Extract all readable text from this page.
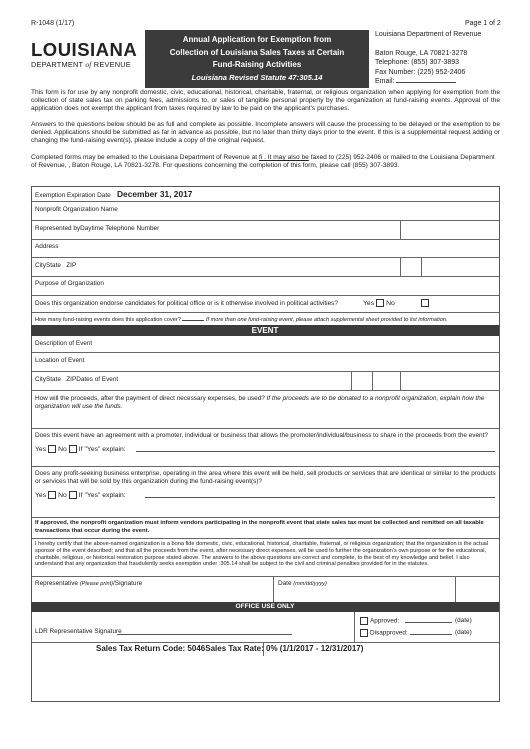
R-1048 (1/17)	Page 1 of 2
LOUISIANA
DEPARTMENT of REVENUE
Annual Application for Exemption from
Collection of Louisiana Sales Taxes at Certain
Fund-Raising Activities
Louisiana Revised Statute 47:305.14
Louisiana Department of Revenue
Baton Rouge, LA 70821-3278
Telephone: (855) 307-3893
Fax Number: (225) 952-2406
Email:
This form is for use by any nonprofit domestic, civic, educational, historical, charitable, fraternal, or religious organization when applying for exemption from the collection of state sales tax on parking fees, admissions to, or sales of tangible personal property by the organization at fund-raising events. Approval of the application does not exempt the applicant from taxes required by law to be paid on the applicant's purchases.
Answers to the questions below should be as full and complete as possible. Incomplete answers will cause the processing to be delayed or the exemption to be denied. Applications should be submitted as far in advance as possible, but no later than thirty days prior to the event. If this is a supplemental request adding or changing the fund-raising event(s), please include a copy of the original request.
Completed forms may be emailed to the Louisiana Department of Revenue at fi . It may also be faxed to (225) 952-2406 or mailed to the Louisiana Department of Revenue, , Baton Rouge, LA 70821-3278. For questions concerning the completion of this form, please call (855) 307-3893.
Exemption Expiration Date December 31, 2017
Nonprofit Organization Name
Represented byDaytime Telephone Number
Address
CityState ZIP
Purpose of Organization
Does this organization endorse candidates for political office or is it otherwise involved in political activities?	Yes No
How many fund-raising events does this application cover?	If more than one fund-raising event, please attach supplemental sheet provided to list information.
EVENT
Description of Event
Location of Event
CityState ZIPDates of Event
How will the proceeds, after the payment of direct necessary expenses, be used? If the proceeds are to be donated to a nonprofit organization, explain how the organization will use the funds.
Does this event have an agreement with a promoter, individual or business that allows the promoter/individual/business to share in the proceeds from the event?
Yes No If "Yes" explain:
Does any profit-seeking business enterprise, operating in the area where this event will be held, sell products or services that are identical or similar to the products or services that will be sold by this organization during the fund-raising event(s)?
Yes No If "Yes" explain:
If approved, the nonprofit organization must inform vendors participating in the nonprofit event that state sales tax must be collected and remitted on all taxable transactions that occur during the event.
I hereby certify that the above-named organization is a bona fide domestic, civic, educational, historical, charitable, fraternal, or religious organization; that the organization is the actual sponsor of the event described; and that all the proceeds from the event, after necessary direct expenses, will be used to further the organization's own purpose or for the educational, charitable, religious, or historical restoration purpose stated above. The answers to the above questions are correct and complete, to the best of my knowledge and belief. I also understand that any organization that fraudulently seeks exemption under :305.14 shall be subject to the civil and criminal penalties provided for in the statutes.
Representative (Please print)/Signature	Date (mm/dd/yyyy)
OFFICE USE ONLY
LDR Representative Signature
Approved:	(date)
Disapproved:	(date)
Sales Tax Return Code: 5046Sales Tax Rate: 0% (1/1/2017 - 12/31/2017)
